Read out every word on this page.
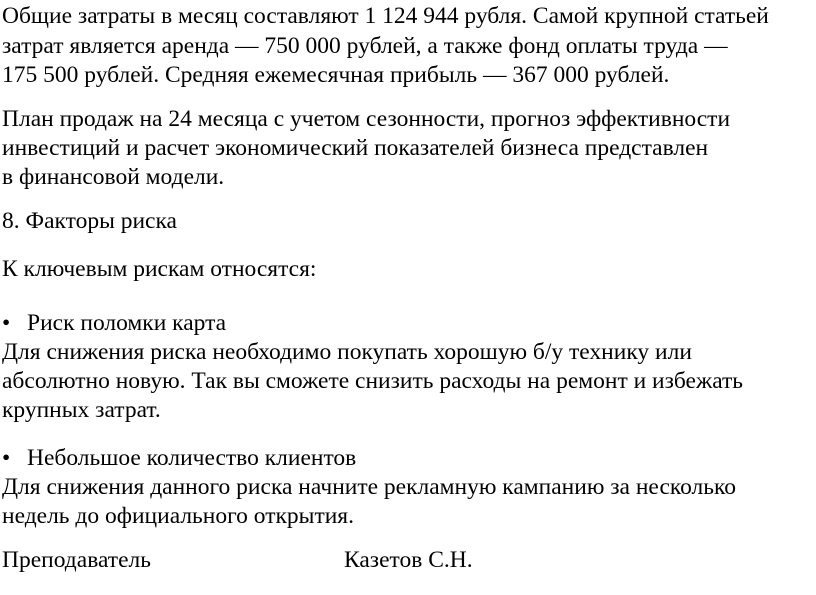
Общие затраты в месяц составляют 1 124 944 рубля. Самой крупной статьей
затрат является аренда — 750 000 рублей, а также фонд оплаты труда —
175 500 рублей. Средняя ежемесячная прибыль — 367 000 рублей.
План продаж на 24 месяца с учетом сезонности, прогноз эффективности
инвестиций и расчет экономический показателей бизнеса представлен
в финансовой модели.
8. Факторы риска
К ключевым рискам относятся:
• Риск поломки карта
Для снижения риска необходимо покупать хорошую б/у технику или
абсолютно новую. Так вы сможете снизить расходы на ремонт и избежать
крупных затрат.
• Небольшое количество клиентов
Для снижения данного риска начните рекламную кампанию за несколько
недель до официального открытия.
Преподаватель	Казетов С.Н.
